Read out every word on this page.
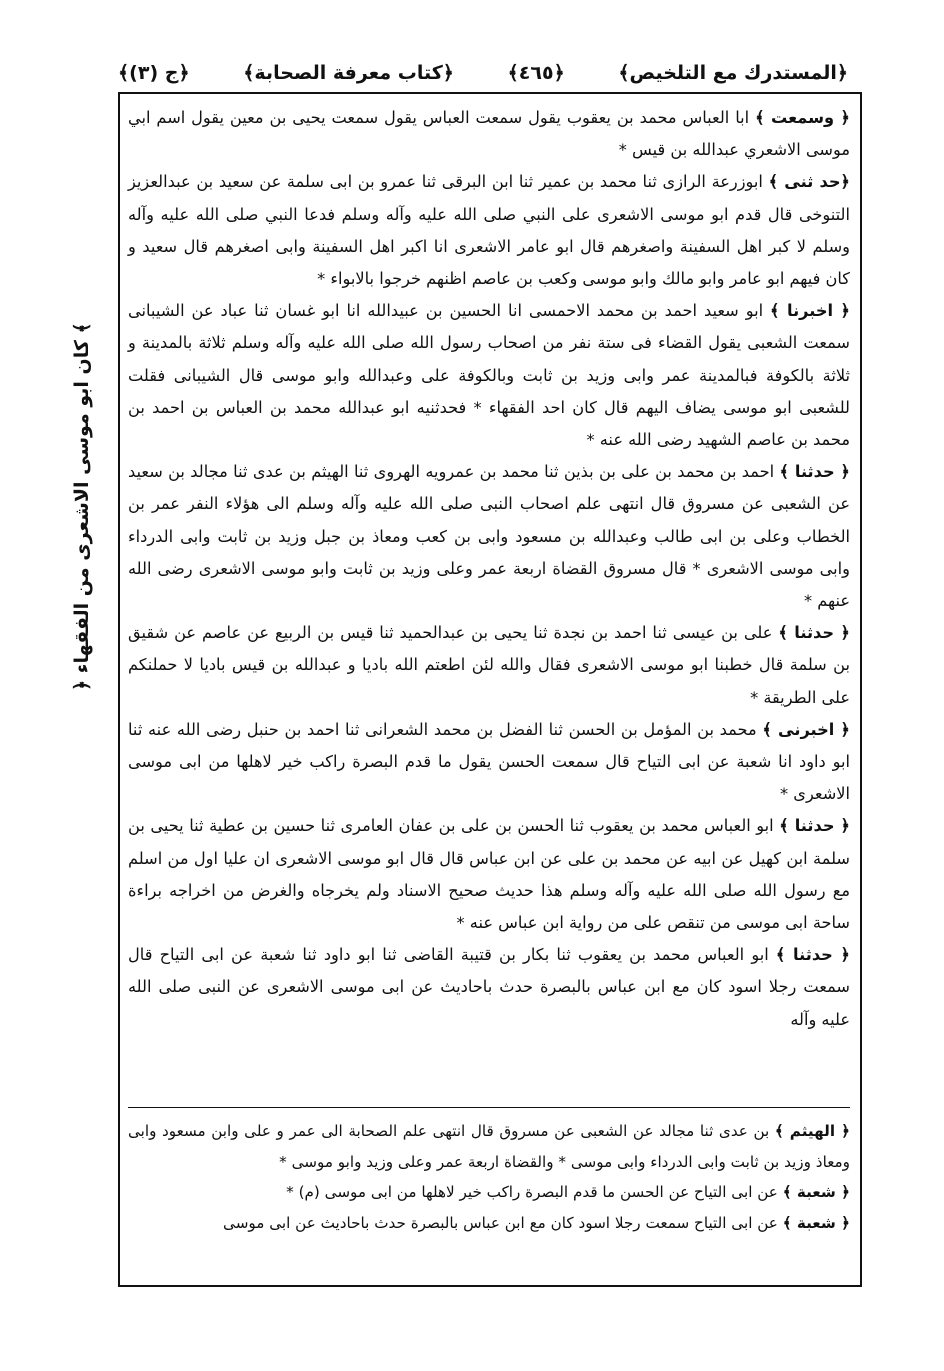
﴿المستدرك مع التلخيص﴾
﴿٤٦٥﴾
﴿كتاب معرفة الصحابة﴾
﴿ج (٣)﴾

﴿ وسمعت ﴾ ابا العباس محمد بن يعقوب يقول سمعت العباس يقول سمعت يحيى بن معين يقول اسم ابي موسى الاشعري عبدالله بن قيس *

﴿حد ثنى ﴾ ابوزرعة الرازى ثنا محمد بن عمير ثنا ابن البرقى ثنا عمرو بن ابى سلمة عن سعيد بن عبدالعزيز التنوخى قال قدم ابو موسى الاشعرى على النبي صلى الله عليه وآله وسلم فدعا النبي صلى الله عليه وآله وسلم لا كبر اهل السفينة واصغرهم قال ابو عامر الاشعرى انا اكبر اهل السفينة وابى اصغرهم قال سعيد و كان فيهم ابو عامر وابو مالك وابو موسى وكعب بن عاصم اظنهم خرجوا بالابواء *

﴿ اخبرنا ﴾ ابو سعيد احمد بن محمد الاحمسى انا الحسين بن عبيدالله انا ابو غسان ثنا عباد عن الشيبانى سمعت الشعبى يقول القضاء فى ستة نفر من اصحاب رسول الله صلى الله عليه وآله وسلم ثلاثة بالمدينة و ثلاثة بالكوفة فبالمدينة عمر وابى وزيد بن ثابت وبالكوفة على وعبدالله وابو موسى قال الشيبانى فقلت للشعبى ابو موسى يضاف اليهم قال كان احد الفقهاء * فحدثنيه ابو عبدالله محمد بن العباس بن احمد بن محمد بن عاصم الشهيد رضى الله عنه *

﴿ حدثنا ﴾ احمد بن محمد بن على بن بذين ثنا محمد بن عمرويه الهروى ثنا الهيثم بن عدى ثنا مجالد بن سعيد عن الشعبى عن مسروق قال انتهى علم اصحاب النبى صلى الله عليه وآله وسلم الى هؤلاء النفر عمر بن الخطاب وعلى بن ابى طالب وعبدالله بن مسعود وابى بن كعب ومعاذ بن جبل وزيد بن ثابت وابى الدرداء وابى موسى الاشعرى * قال مسروق القضاة اربعة عمر وعلى وزيد بن ثابت وابو موسى الاشعرى رضى الله عنهم *

﴿ حدثنا ﴾ على بن عيسى ثنا احمد بن نجدة ثنا يحيى بن عبدالحميد ثنا قيس بن الربيع عن عاصم عن شقيق بن سلمة قال خطبنا ابو موسى الاشعرى فقال والله لئن اطعتم الله باديا و عبدالله بن قيس باديا لا حملنكم على الطريقة *

﴿ اخبرنى ﴾ محمد بن المؤمل بن الحسن ثنا الفضل بن محمد الشعرانى ثنا احمد بن حنبل رضى الله عنه ثنا ابو داود انا شعبة عن ابى التياح قال سمعت الحسن يقول ما قدم البصرة راكب خير لاهلها من ابى موسى الاشعرى *

﴿ حدثنا ﴾ ابو العباس محمد بن يعقوب ثنا الحسن بن على بن عفان العامرى ثنا حسين بن عطية ثنا يحيى بن سلمة ابن كهيل عن ابيه عن محمد بن على عن ابن عباس قال قال ابو موسى الاشعرى ان عليا اول من اسلم مع رسول الله صلى الله عليه وآله وسلم هذا حديث صحيح الاسناد ولم يخرجاه والغرض من اخراجه براءة ساحة ابى موسى من تنقص على من رواية ابن عباس عنه *

﴿ حدثنا ﴾ ابو العباس محمد بن يعقوب ثنا بكار بن قتيبة القاضى ثنا ابو داود ثنا شعبة عن ابى التياح قال سمعت رجلا اسود كان مع ابن عباس بالبصرة حدث باحاديث عن ابى موسى الاشعرى عن النبى صلى الله عليه وآله

﴿ الهيثم ﴾ بن عدى ثنا مجالد عن الشعبى عن مسروق قال انتهى علم الصحابة الى عمر و على وابن مسعود وابى ومعاذ وزيد بن ثابت وابى الدرداء وابى موسى * والقضاة اربعة عمر وعلى وزيد وابو موسى *

﴿ شعبة ﴾ عن ابى التياح عن الحسن ما قدم البصرة راكب خير لاهلها من ابى موسى (م) *

﴿ شعبة ﴾ عن ابى التياح سمعت رجلا اسود كان مع ابن عباس بالبصرة حدث باحاديث عن ابى موسى

﴿ كان ابو موسى الاشعرى من الفقهاء ﴾
